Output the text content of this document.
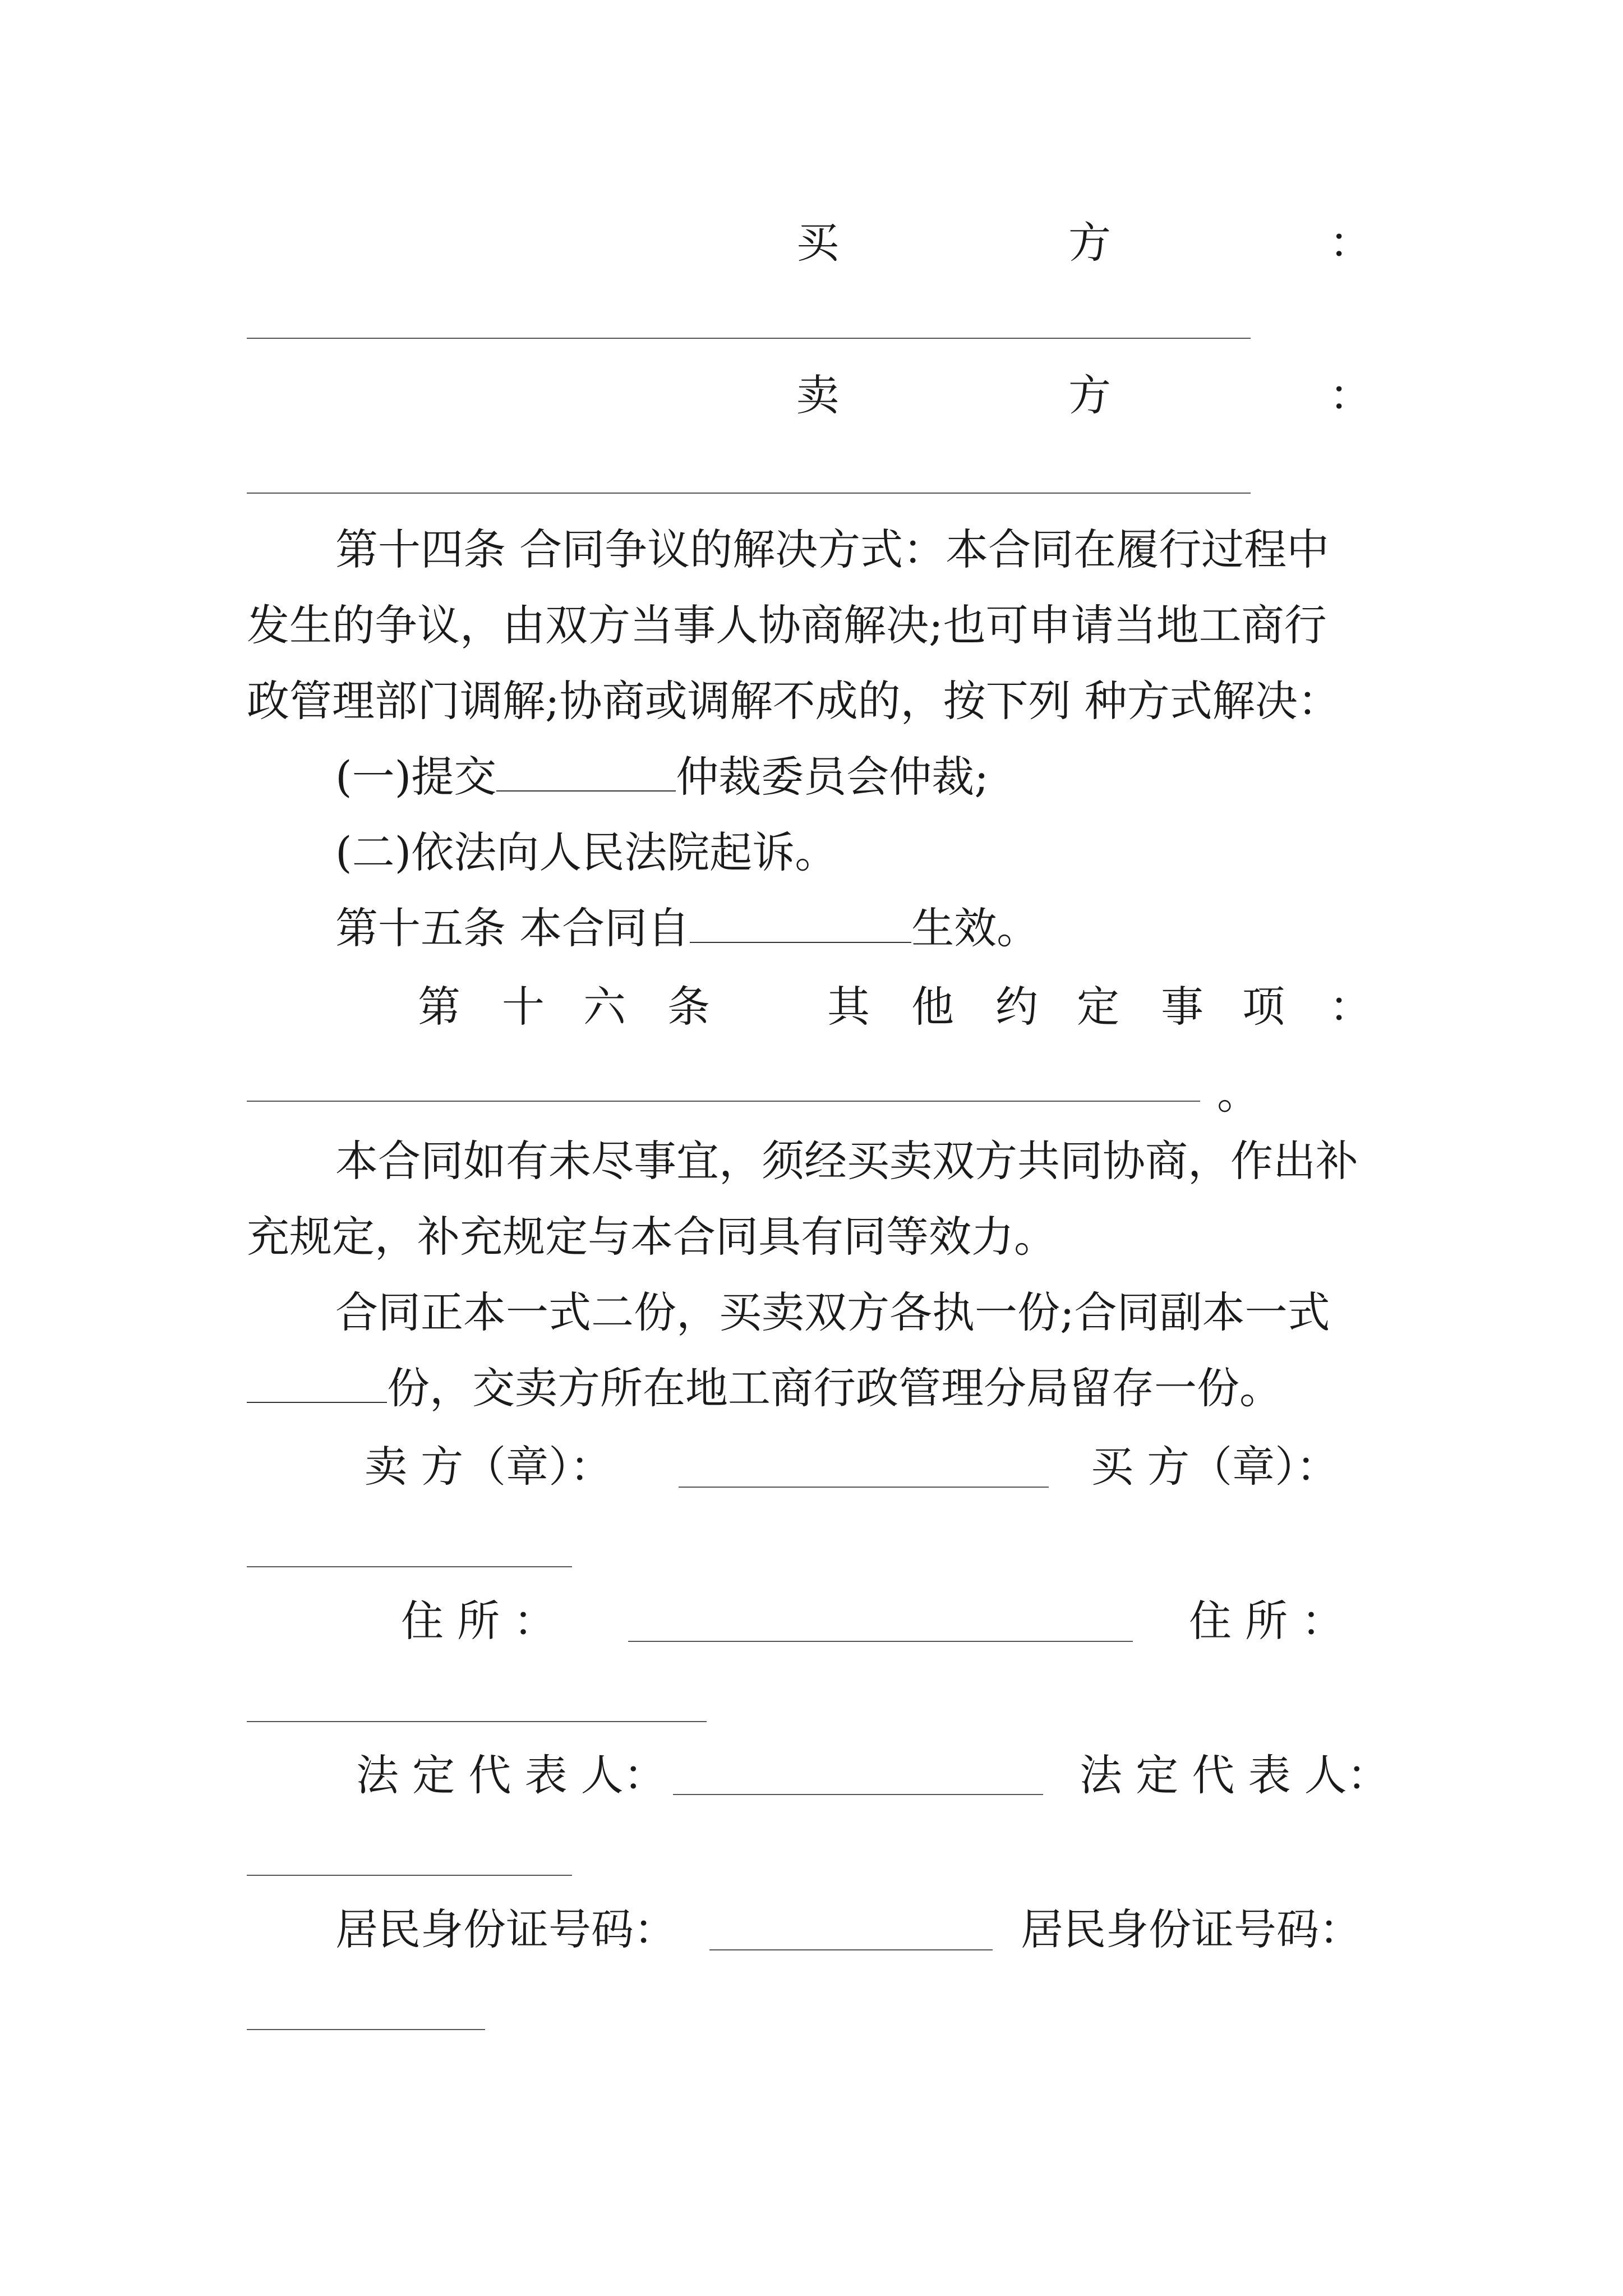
买	方	：
卖	方	：
第十四条 合同争议的解决方式：本合同在履行过程中
发生的争议，由双方当事人协商解决;也可申请当地工商行
政管理部门调解;协商或调解不成的，按下列 种方式解决：
(一)提交	仲裁委员会仲裁;
(二)依法向人民法院起诉。
第十五条 本合同自	生效。
第 十 六 条	其 他 约 定 事 项 ：
。
本合同如有未尽事宜，须经买卖双方共同协商，作出补
充规定，补充规定与本合同具有同等效力。
合同正本一式二份，买卖双方各执一份;合同副本一式
份，交卖方所在地工商行政管理分局留存一份。
卖 方（章）：	买 方（章）：
住 所 ：	住 所 ：
法 定 代 表 人：	法 定 代 表 人：
居民身份证号码：	居民身份证号码：
